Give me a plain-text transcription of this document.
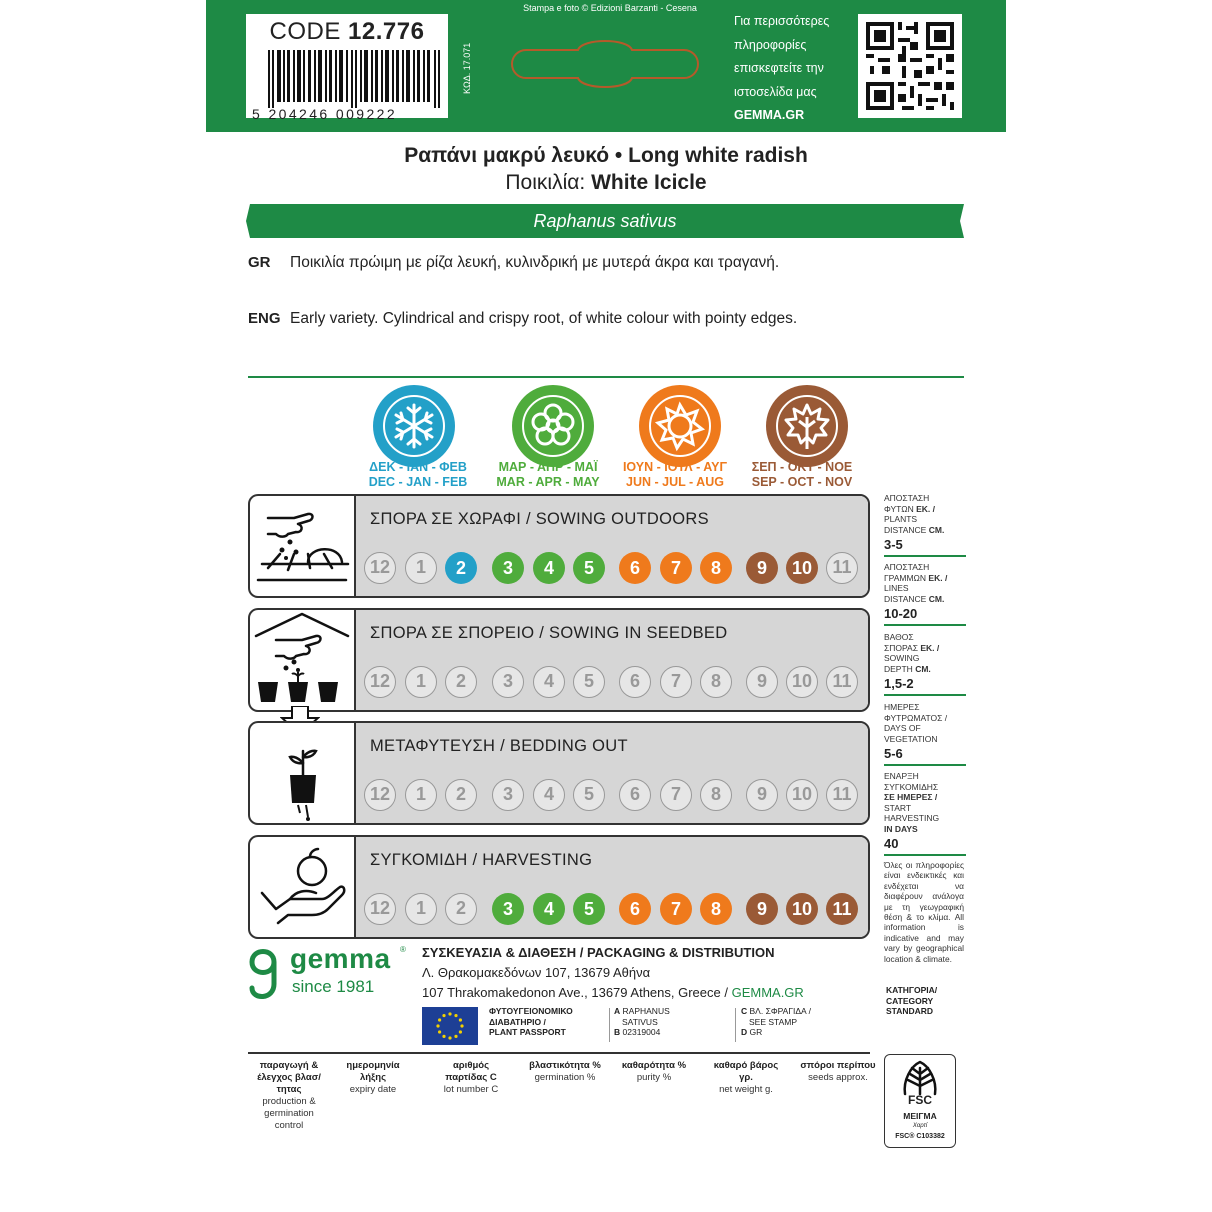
CODE 12.776
5 204246 009222
ΚΩΔ. 17.071
Stampa e foto © Edizioni Barzanti - Cesena
Για περισσότερες
πληροφορίες
επισκεφτείτε την
ιστοσελίδα μας
GEMMA.GR
Ραπάνι μακρύ λευκό • Long white radish
Ποικιλία: White Icicle
Raphanus sativus
GR Ποικιλία πρώιμη με ρίζα λευκή, κυλινδρική με μυτερά άκρα και τραγανή.
ENG Early variety. Cylindrical and crispy root, of white colour with pointy edges.
ΔΕΚ - ΙΑΝ - ΦΕΒ
DEC - JAN - FEB
ΜΑΡ - ΑΠΡ - ΜΑΪ
MAR - APR - MAY
ΙΟΥΝ - ΙΟΥΛ - ΑΥΓ
JUN - JUL - AUG
ΣΕΠ - ΟΚΤ - ΝΟΕ
SEP - OCT - NOV
ΣΠΟΡΑ ΣΕ ΧΩΡΑΦΙ / SOWING OUTDOORS
12	1	2	3	4	5	6	7	8	9	10	11
ΣΠΟΡΑ ΣΕ ΣΠΟΡΕΙΟ / SOWING IN SEEDBED
12	1	2	3	4	5	6	7	8	9	10	11
ΜΕΤΑΦΥΤΕΥΣΗ / BEDDING OUT
12	1	2	3	4	5	6	7	8	9	10	11
ΣΥΓΚΟΜΙΔΗ / HARVESTING
12	1	2	3	4	5	6	7	8	9	10	11
ΑΠΟΣΤΑΣΗ
ΦΥΤΩΝ ΕΚ. /
PLANTS
DISTANCE CM.
3-5
ΑΠΟΣΤΑΣΗ
ΓΡΑΜΜΩΝ ΕΚ. /
LINES
DISTANCE CM.
10-20
ΒΑΘΟΣ
ΣΠΟΡΑΣ ΕΚ. /
SOWING
DEPTH CM.
1,5-2
ΗΜΕΡΕΣ
ΦΥΤΡΩΜΑΤΟΣ /
DAYS OF
VEGETATION
5-6
ΕΝΑΡΞΗ
ΣΥΓΚΟΜΙΔΗΣ
ΣΕ ΗΜΕΡΕΣ /
START
HARVESTING
IN DAYS
40
Όλες οι πληροφορίες είναι ενδεικτικές και ενδέχεται να διαφέρουν ανάλογα με τη γεωγραφική θέση & το κλίμα. All information is indicative and may vary by geographical location & climate.
ΚΑΤΗΓΟΡΙΑ/
CATEGORY
STANDARD
gemma ®
since 1981
ΣΥΣΚΕΥΑΣΙΑ & ΔΙΑΘΕΣΗ / PACKAGING & DISTRIBUTION
Λ. Θρακομακεδόνων 107, 13679 Αθήνα
107 Thrakomakedonon Ave., 13679 Athens, Greece / GEMMA.GR
ΦΥΤΟΥΓΕΙΟΝΟΜΙΚΟ
ΔΙΑΒΑΤΗΡΙΟ /
PLANT PASSPORT
A RAPHANUS
SATIVUS
B 02319004
C ΒΛ. ΣΦΡΑΓΙΔΑ /
SEE STAMP
D GR
παραγωγή & έλεγχος βλασ/τητας
production & germination control
ημερομηνία λήξης
expiry date
αριθμός παρτίδας C
lot number C
βλαστικότητα %
germination %
καθαρότητα %
purity %
καθαρό βάρος γρ.
net weight g.
σπόροι περίπου
seeds approx.
FSC
ΜΕΙΓΜΑ
Χαρτί
FSC® C103382
